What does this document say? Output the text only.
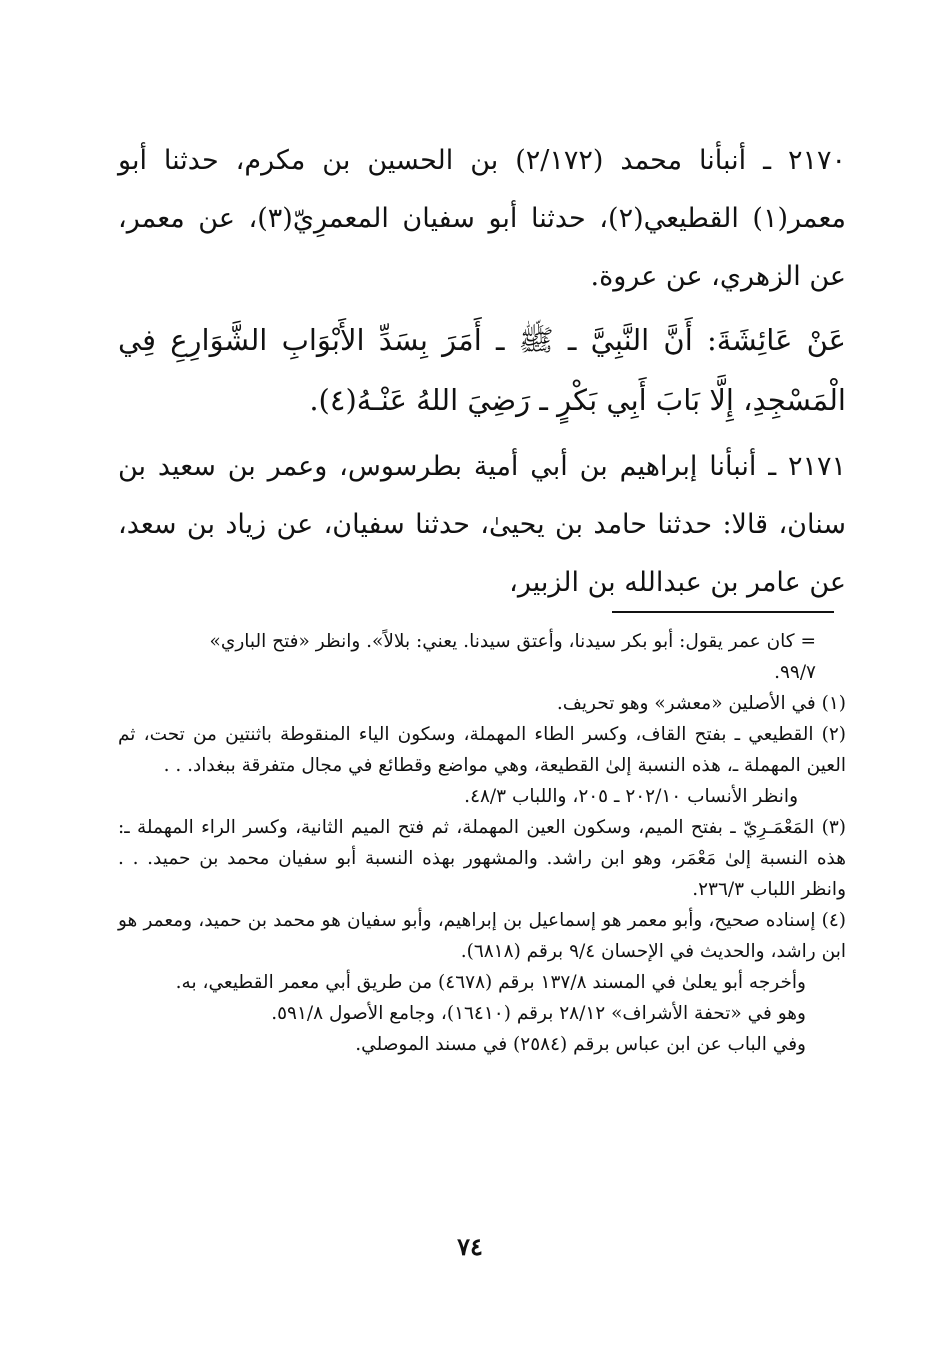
٢١٧٠ ـ أنبأنا محمد (٢/١٧٢) بن الحسين بن مكرم، حدثنا أبو معمر(١) القطيعي(٢)، حدثنا أبو سفيان المعمرِيّ(٣)، عن معمر، عن الزهري، عن عروة.

عَنْ عَائِشَةَ: أَنَّ النَّبِيَّ ـ ﷺ ـ أَمَرَ بِسَدِّ الأَبْوَابِ الشَّوَارِعِ فِي الْمَسْجِدِ، إِلَّا بَابَ أَبِي بَكْرٍ ـ رَضِيَ اللهُ عَنْـهُ(٤).

٢١٧١ ـ أنبأنا إبراهيم بن أبي أمية بطرسوس، وعمر بن سعيد بن سنان، قالا: حدثنا حامد بن يحيىٰ، حدثنا سفيان، عن زياد بن سعد، عن عامر بن عبدالله بن الزبير،

= كان عمر يقول: أبو بكر سيدنا، وأعتق سيدنا. يعني: بلالاً». وانظر «فتح الباري»

٩٩/٧.

(١) في الأصلين «معشر» وهو تحريف.

(٢) القطيعي ـ بفتح القاف، وكسر الطاء المهملة، وسكون الياء المنقوطة باثنتين من تحت، ثم العين المهملة ـ، هذه النسبة إلىٰ القطيعة، وهي مواضع وقطائع في مجال متفرقة ببغداد. . .

وانظر الأنساب ٢٠٢/١٠ ـ ٢٠٥، واللباب ٤٨/٣.

(٣) المَعْمَـرِيّ ـ بفتح الميم، وسكون العين المهملة، ثم فتح الميم الثانية، وكسر الراء المهملة ـ: هذه النسبة إلىٰ مَعْمَر، وهو ابن راشد. والمشهور بهذه النسبة أبو سفيان محمد بن حميد. . . وانظر اللباب ٢٣٦/٣.

(٤) إسناده صحيح، وأبو معمر هو إسماعيل بن إبراهيم، وأبو سفيان هو محمد بن حميد، ومعمر هو ابن راشد، والحديث في الإحسان ٩/٤ برقم (٦٨١٨).

وأخرجه أبو يعلىٰ في المسند ١٣٧/٨ برقم (٤٦٧٨) من طريق أبي معمر القطيعي، به.

وهو في «تحفة الأشراف» ٢٨/١٢ برقم (١٦٤١٠)، وجامع الأصول ٥٩١/٨.

وفي الباب عن ابن عباس برقم (٢٥٨٤) في مسند الموصلي.

٧٤
